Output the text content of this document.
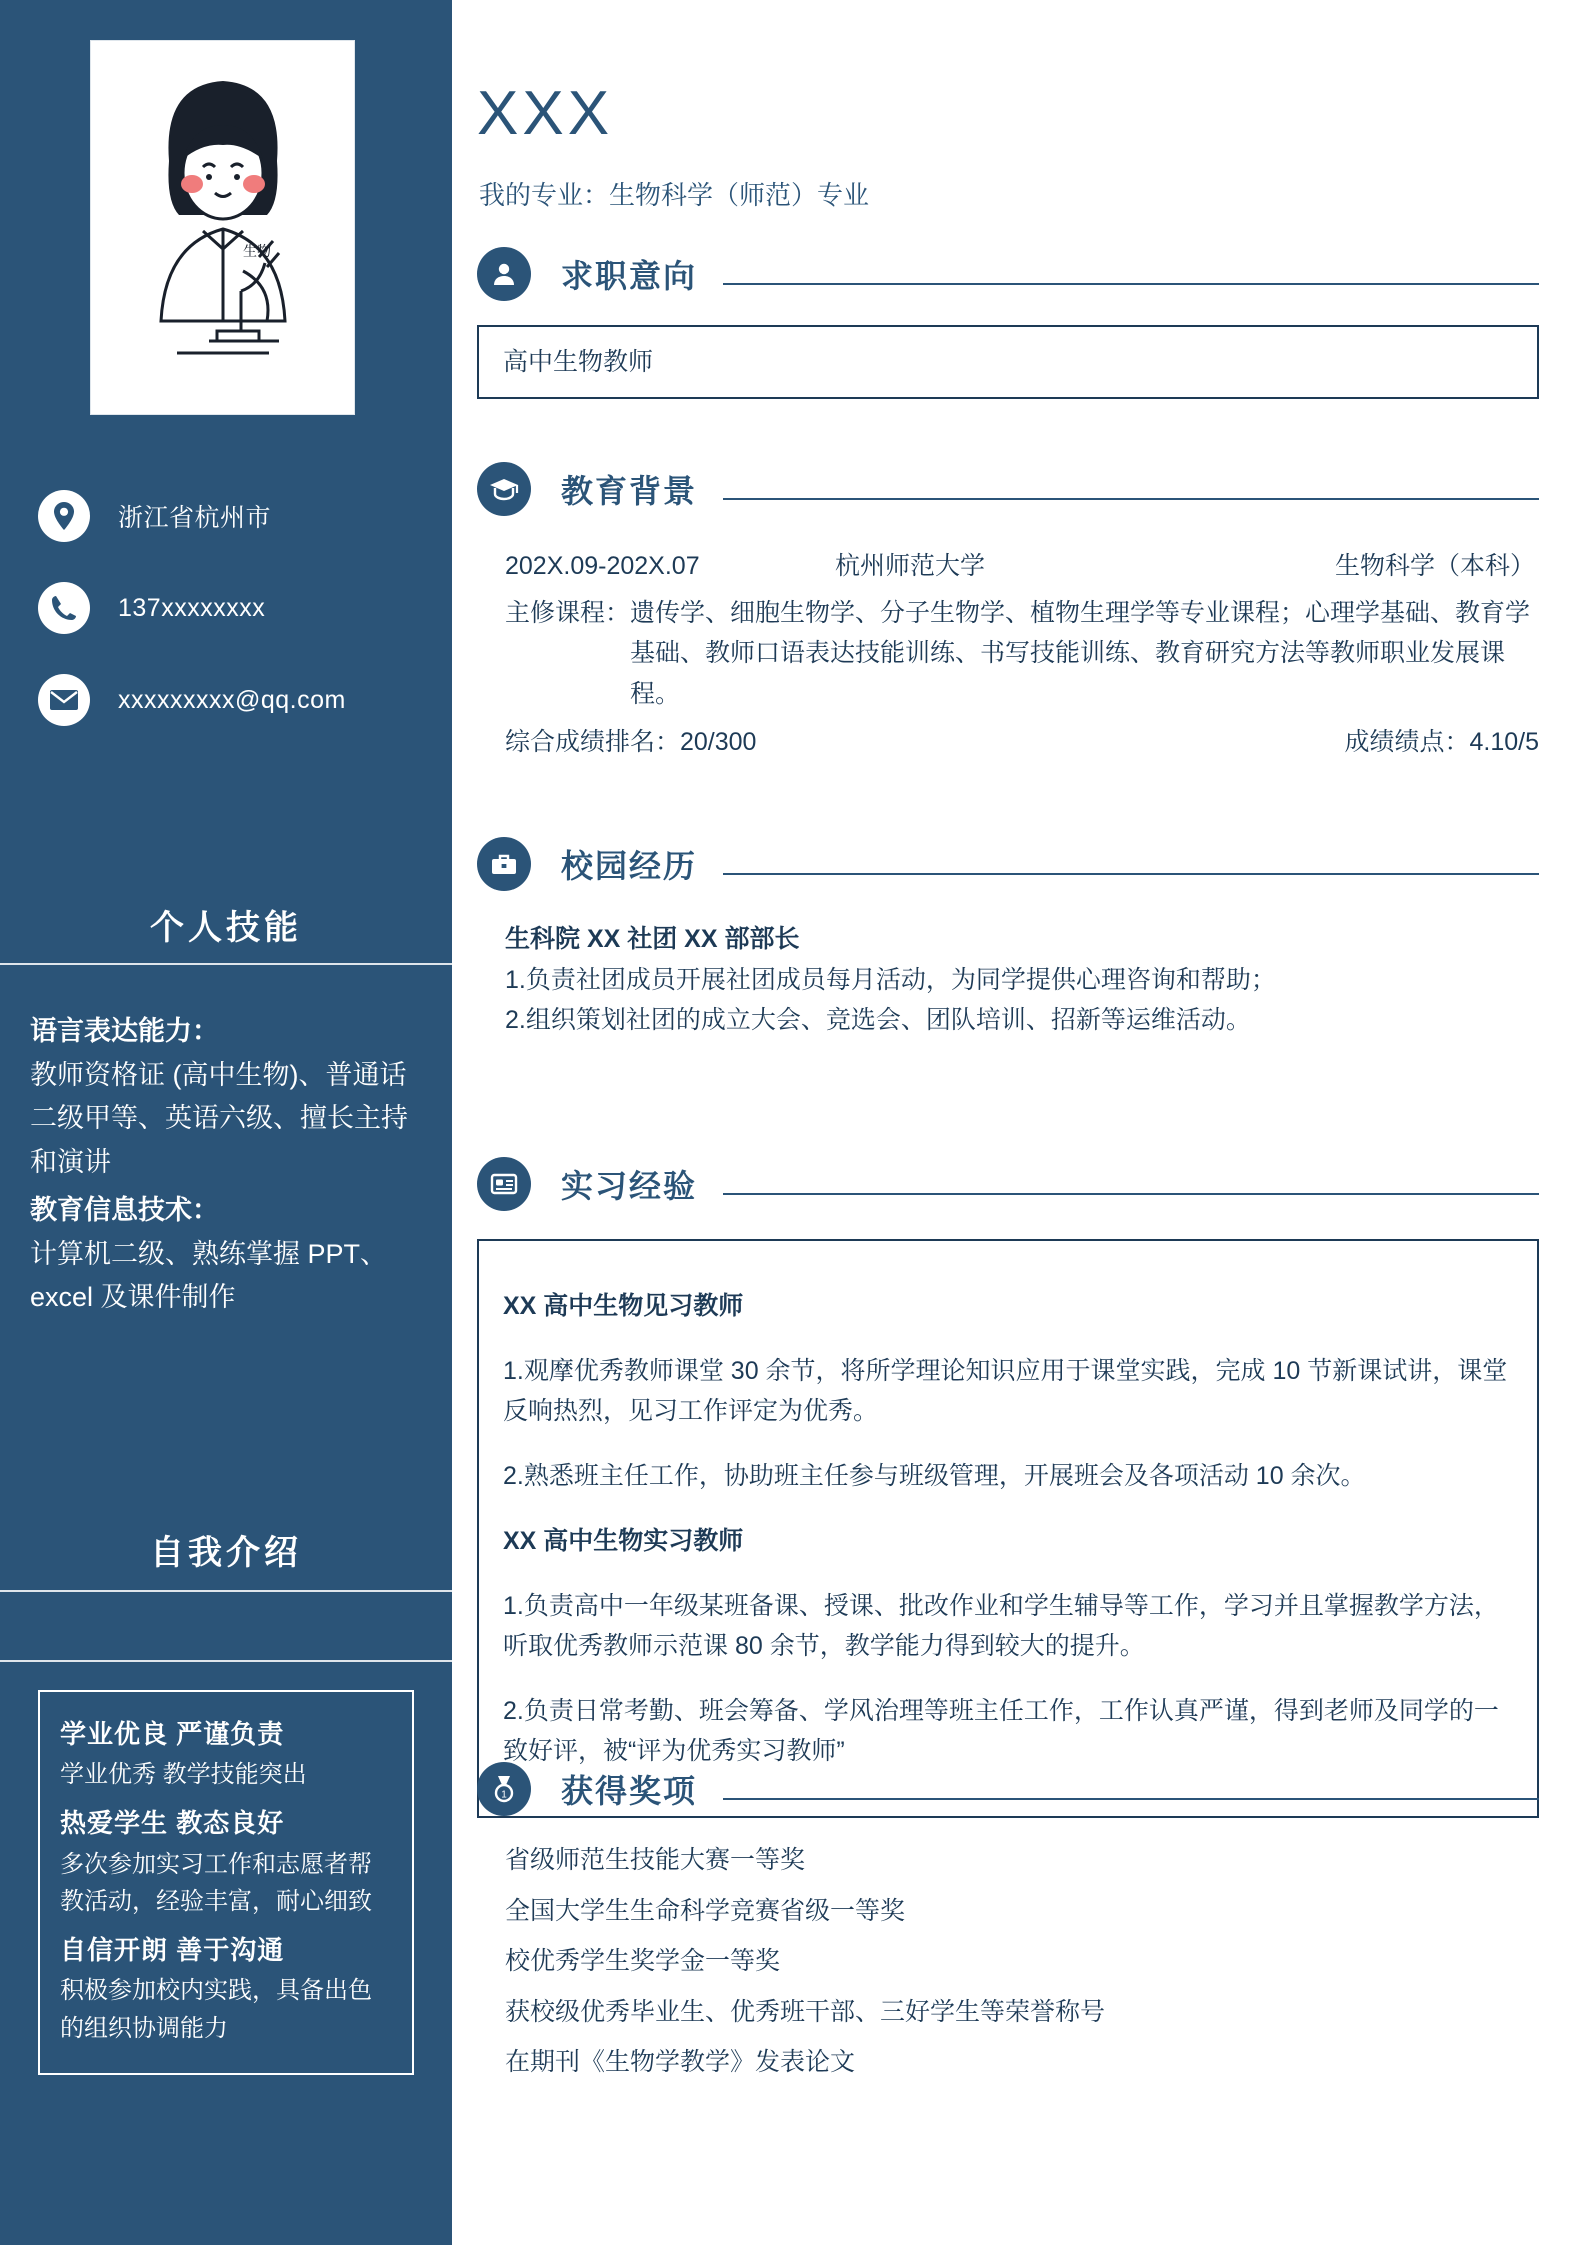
生物
浙江省杭州市
137xxxxxxxx
xxxxxxxxx@qq.com
个人技能
语言表达能力：

教师资格证 (高中生物)、普通话二级甲等、英语六级、擅长主持和演讲

教育信息技术：

计算机二级、熟练掌握 PPT、excel 及课件制作

自我介绍
学业优良 严谨负责
学业优秀 教学技能突出
热爱学生 教态良好
多次参加实习工作和志愿者帮教活动，经验丰富，耐心细致
自信开朗 善于沟通
积极参加校内实践，具备出色的组织协调能力
XXX
我的专业：生物科学（师范）专业
求职意向
高中生物教师
教育背景
202X.09-202X.07	杭州师范大学	生物科学（本科）
主修课程： 遗传学、细胞生物学、分子生物学、植物生理学等专业课程；心理学基础、教育学基础、教师口语表达技能训练、书写技能训练、教育研究方法等教师职业发展课程。
综合成绩排名：20/300	成绩绩点：4.10/5
校园经历

生科院 XX 社团 XX 部部长

1.负责社团成员开展社团成员每月活动，为同学提供心理咨询和帮助；

2.组织策划社团的成立大会、竞选会、团队培训、招新等运维活动。

实习经验

XX 高中生物见习教师

1.观摩优秀教师课堂 30 余节，将所学理论知识应用于课堂实践，完成 10 节新课试讲，课堂反响热烈，见习工作评定为优秀。

2.熟悉班主任工作，协助班主任参与班级管理，开展班会及各项活动 10 余次。

XX 高中生物实习教师

1.负责高中一年级某班备课、授课、批改作业和学生辅导等工作，学习并且掌握教学方法，听取优秀教师示范课 80 余节，教学能力得到较大的提升。

2.负责日常考勤、班会筹备、学风治理等班主任工作，工作认真严谨，得到老师及同学的一致好评，被“评为优秀实习教师”

1 获得奖项

省级师范生技能大赛一等奖

全国大学生生命科学竞赛省级一等奖

校优秀学生奖学金一等奖

获校级优秀毕业生、优秀班干部、三好学生等荣誉称号

在期刊《生物学教学》发表论文
